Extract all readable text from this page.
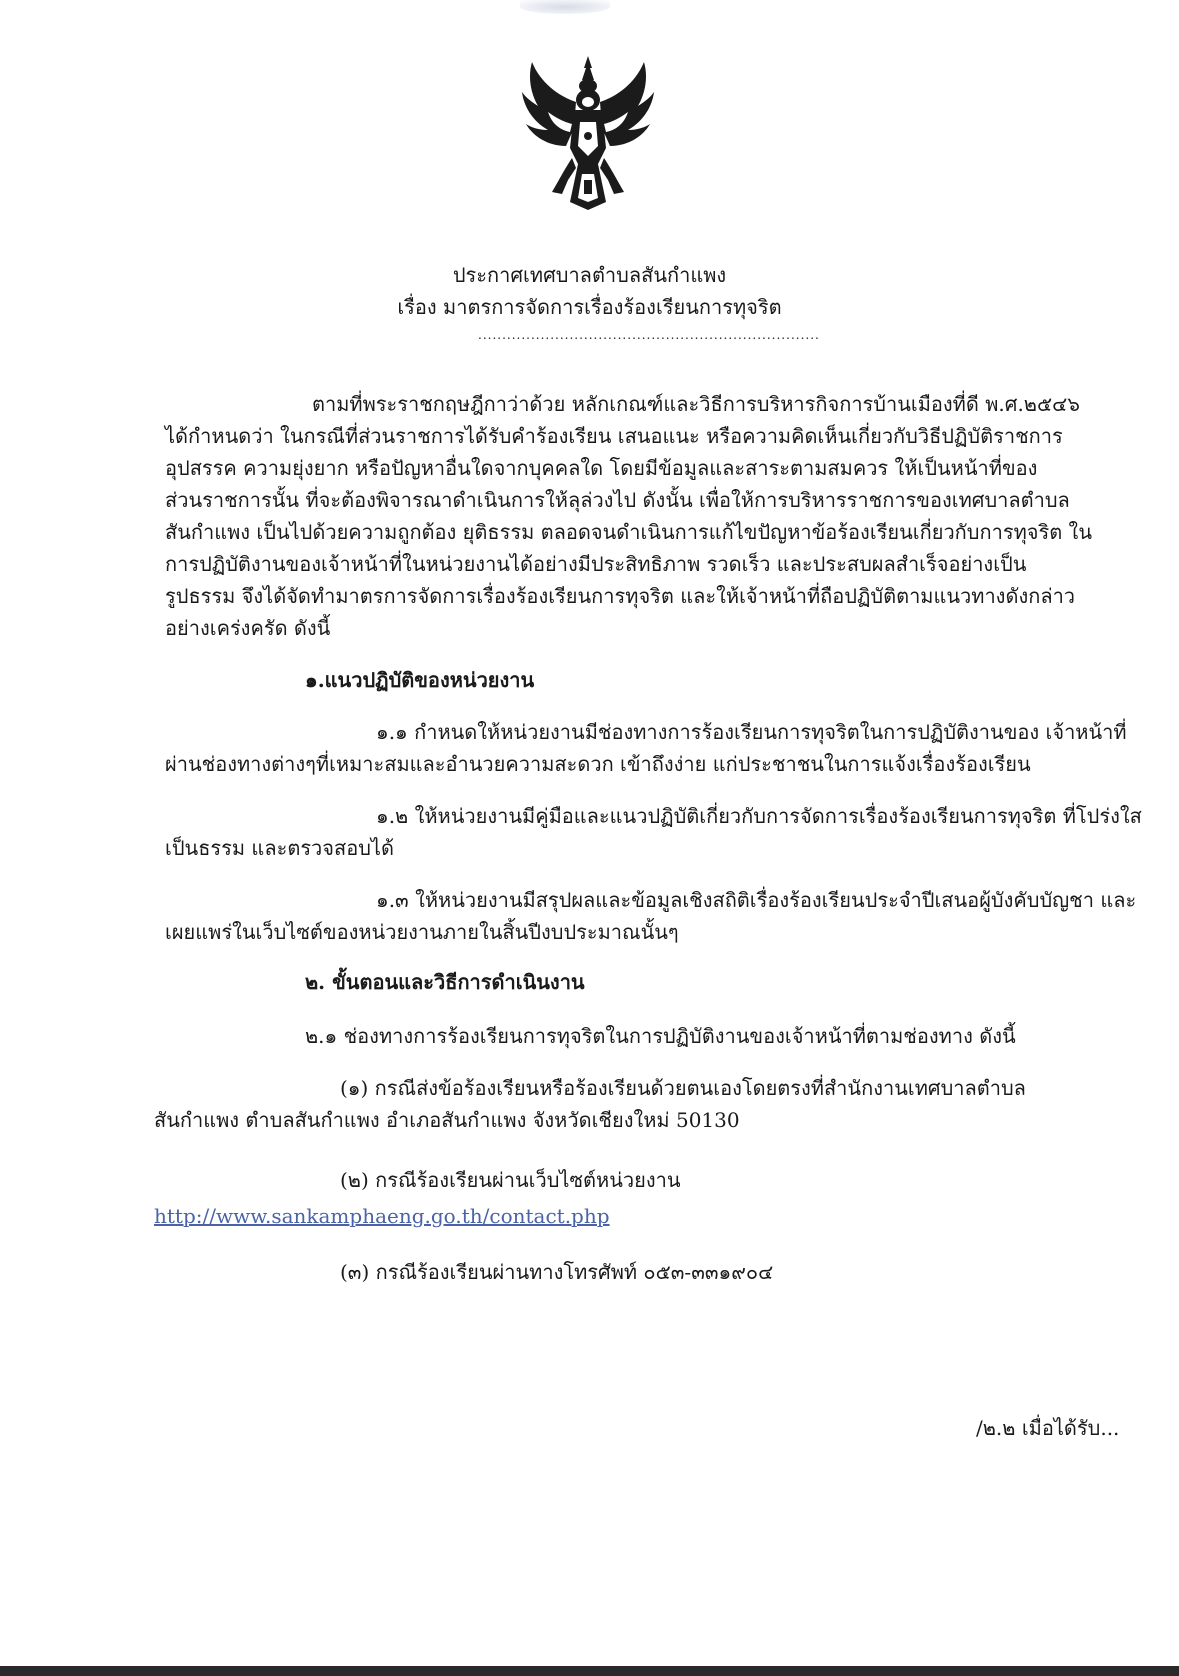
ประกาศเทศบาลตำบลสันกำแพง
เรื่อง มาตรการจัดการเรื่องร้องเรียนการทุจริต
.......................................................................
ตามที่พระราชกฤษฎีกาว่าด้วย หลักเกณฑ์และวิธีการบริหารกิจการบ้านเมืองที่ดี พ.ศ.๒๕๔๖
ได้กำหนดว่า ในกรณีที่ส่วนราชการได้รับคำร้องเรียน เสนอแนะ หรือความคิดเห็นเกี่ยวกับวิธีปฏิบัติราชการ
อุปสรรค ความยุ่งยาก หรือปัญหาอื่นใดจากบุคคลใด โดยมีข้อมูลและสาระตามสมควร ให้เป็นหน้าที่ของ
ส่วนราชการนั้น ที่จะต้องพิจารณาดำเนินการให้ลุล่วงไป ดังนั้น เพื่อให้การบริหารราชการของเทศบาลตำบล
สันกำแพง เป็นไปด้วยความถูกต้อง ยุติธรรม ตลอดจนดำเนินการแก้ไขปัญหาข้อร้องเรียนเกี่ยวกับการทุจริต ใน
การปฏิบัติงานของเจ้าหน้าที่ในหน่วยงานได้อย่างมีประสิทธิภาพ รวดเร็ว และประสบผลสำเร็จอย่างเป็น
รูปธรรม จึงได้จัดทำมาตรการจัดการเรื่องร้องเรียนการทุจริต และให้เจ้าหน้าที่ถือปฏิบัติตามแนวทางดังกล่าว
อย่างเคร่งครัด ดังนี้
๑.แนวปฏิบัติของหน่วยงาน
๑.๑ กำหนดให้หน่วยงานมีช่องทางการร้องเรียนการทุจริตในการปฏิบัติงานของ เจ้าหน้าที่
ผ่านช่องทางต่างๆที่เหมาะสมและอำนวยความสะดวก เข้าถึงง่าย แก่ประชาชนในการแจ้งเรื่องร้องเรียน
๑.๒ ให้หน่วยงานมีคู่มือและแนวปฏิบัติเกี่ยวกับการจัดการเรื่องร้องเรียนการทุจริต ที่โปร่งใส
เป็นธรรม และตรวจสอบได้
๑.๓ ให้หน่วยงานมีสรุปผลและข้อมูลเชิงสถิติเรื่องร้องเรียนประจำปีเสนอผู้บังคับบัญชา และ
เผยแพร่ในเว็บไซต์ของหน่วยงานภายในสิ้นปีงบประมาณนั้นๆ
๒. ขั้นตอนและวิธีการดำเนินงาน
๒.๑ ช่องทางการร้องเรียนการทุจริตในการปฏิบัติงานของเจ้าหน้าที่ตามช่องทาง ดังนี้
(๑) กรณีส่งข้อร้องเรียนหรือร้องเรียนด้วยตนเองโดยตรงที่สำนักงานเทศบาลตำบล
สันกำแพง ตำบลสันกำแพง อำเภอสันกำแพง จังหวัดเชียงใหม่ 50130
(๒) กรณีร้องเรียนผ่านเว็บไซต์หน่วยงาน
http://www.sankamphaeng.go.th/contact.php
(๓) กรณีร้องเรียนผ่านทางโทรศัพท์ ๐๕๓-๓๓๑๙๐๔
/๒.๒ เมื่อได้รับ...
